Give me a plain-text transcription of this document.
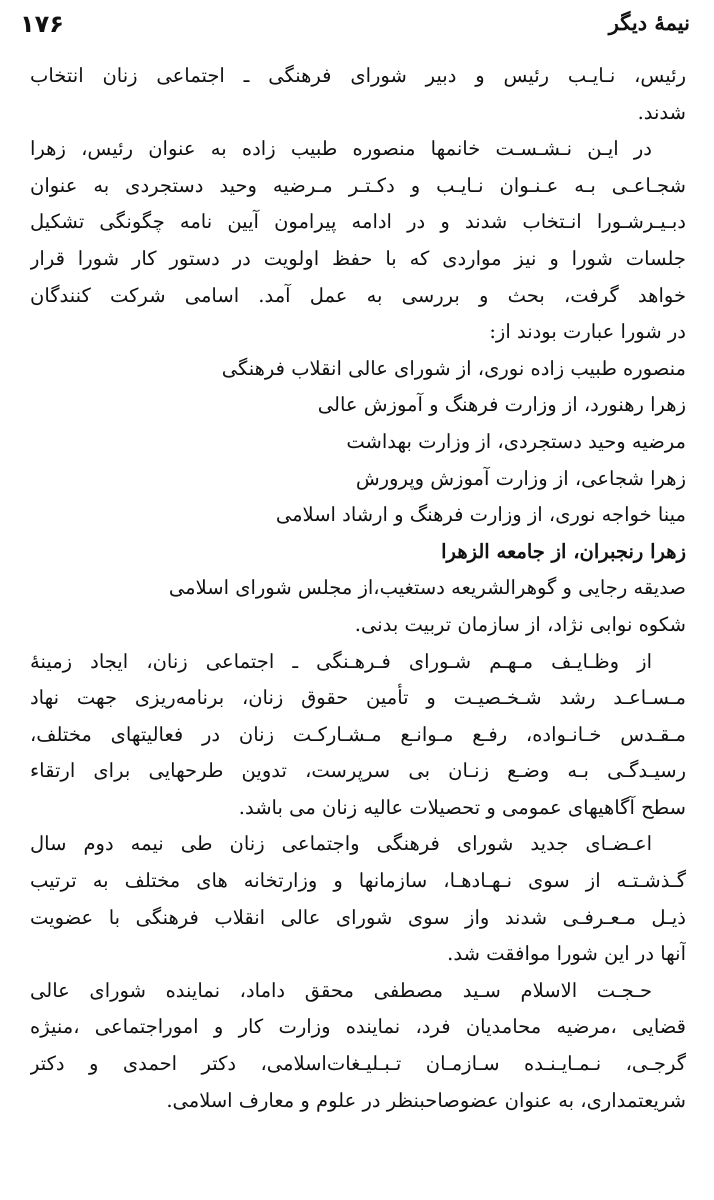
۱۷۶	نیمهٔ دیگر
رئیس، نـایـب رئیس و دبیر شورای فرهنگی ـ اجتماعی زنان انتخاب
شدند.
در ایـن نـشـسـت خانمها منصوره طبیب زاده به عنوان رئیس، زهرا
شجـاعـی بـه عـنـوان نـایـب و دکـتـر مـرضیه وحید دستجردی به عنوان
دبـیـرشـورا انـتخاب شدند و در ادامه پیرامون آیین نامه چگونگی تشکیل
جلسات شورا و نیز مواردی که با حفظ اولویت در دستور کار شورا قرار
خواهد گرفت، بحث و بررسی به عمل آمد. اسامی شرکت کنندگان
در شورا عبارت بودند از:
منصوره طبیب زاده نوری، از شورای عالی انقلاب فرهنگی
زهرا رهنورد، از وزارت فرهنگ و آموزش عالی
مرضیه وحید دستجردی، از وزارت بهداشت
زهرا شجاعی، از وزارت آموزش وپرورش
مینا خواجه نوری، از وزارت فرهنگ و ارشاد اسلامی
زهرا رنجبران، از جامعه الزهرا
صدیقه رجایی و گوهرالشریعه دستغیب،از مجلس شورای اسلامی
شکوه نوابی نژاد، از سازمان تربیت بدنی.
از وظـایـف مـهـم شـورای فـرهـنگی ـ اجتماعی زنان، ایجاد زمینهٔ
مـسـاعـد رشد شـخـصیـت و تأمین حقوق زنان، برنامه‌ریزی جهت نهاد
مـقـدس خـانـواده، رفـع مـوانـع مـشـارکـت زنان در فعالیتهای مختلف،
رسیـدگـی بـه وضـع زنـان بی سرپرست، تدوین طرحهایی برای ارتقاء
سطح آگاهیهای عمومی و تحصیلات عالیه زنان می باشد.
اعـضـای جدید شورای فرهنگی واجتماعی زنان طی نیمه دوم سال
گـذشـتـه از سوی نـهـادهـا، سازمانها و وزارتخانه های مختلف به ترتیب
ذیـل مـعـرفـی شدند واز سوی شورای عالی انقلاب فرهنگی با عضویت
آنها در این شورا موافقت شد.
حـجـت الاسلام سـید مصطفی محقق داماد، نماینده شورای عالی
قضایی ،مرضیه محامدیان فرد، نماینده وزارت کار و اموراجتماعی ،منیژه
گرجـی، نـمـایـنـده سـازمـان تـبـلیـغات‌اسلامی، دکتر احمدی و دکتر
شریعتمداری، به عنوان عضوصاحبنظر در علوم و معارف اسلامی.
